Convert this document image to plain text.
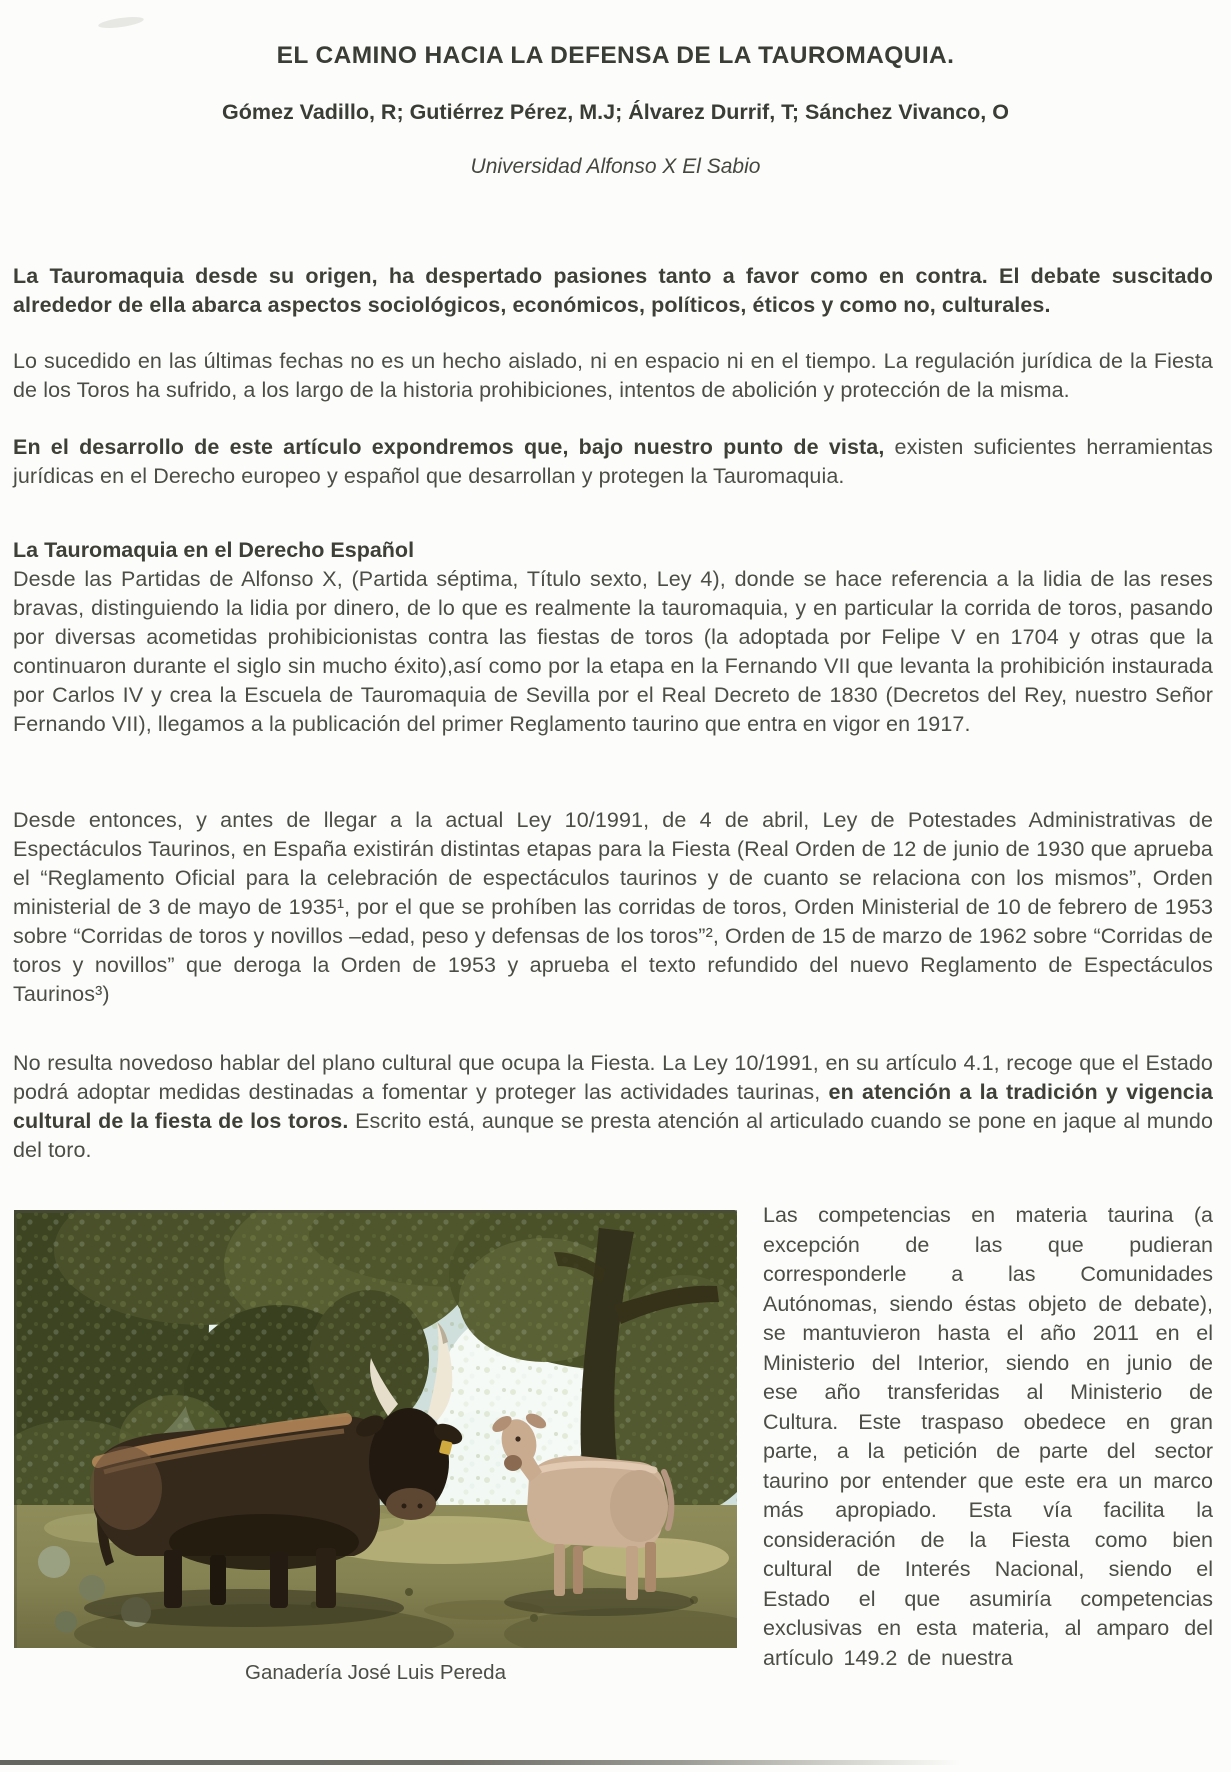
EL CAMINO HACIA LA DEFENSA DE LA TAUROMAQUIA.
Gómez Vadillo, R; Gutiérrez Pérez, M.J; Álvarez Durrif, T; Sánchez Vivanco, O
Universidad Alfonso X El Sabio

La Tauromaquia desde su origen, ha despertado pasiones tanto a favor como en contra. El debate suscitado alrededor de ella abarca aspectos sociológicos, económicos, políticos, éticos y como no, culturales.

Lo sucedido en las últimas fechas no es un hecho aislado, ni en espacio ni en el tiempo. La regulación jurídica de la Fiesta de los Toros ha sufrido, a los largo de la historia prohibiciones, intentos de abolición y protección de la misma.

En el desarrollo de este artículo expondremos que, bajo nuestro punto de vista, existen suficientes herramientas jurídicas en el Derecho europeo y español que desarrollan y protegen la Tauromaquia.

La Tauromaquia en el Derecho Español

Desde las Partidas de Alfonso X, (Partida séptima, Título sexto, Ley 4), donde se hace referencia a la lidia de las reses bravas, distinguiendo la lidia por dinero, de lo que es realmente la tauromaquia, y en particular la corrida de toros, pasando por diversas acometidas prohibicionistas contra las fiestas de toros (la adoptada por Felipe V en 1704 y otras que la continuaron durante el siglo sin mucho éxito),así como por la etapa en la Fernando VII que levanta la prohibición instaurada por Carlos IV y crea la Escuela de Tauromaquia de Sevilla por el Real Decreto de 1830 (Decretos del Rey, nuestro Señor Fernando VII), llegamos a la publicación del primer Reglamento taurino que entra en vigor en 1917.

Desde entonces, y antes de llegar a la actual Ley 10/1991, de 4 de abril, Ley de Potestades Administrativas de Espectáculos Taurinos, en España existirán distintas etapas para la Fiesta (Real Orden de 12 de junio de 1930 que aprueba el “Reglamento Oficial para la celebración de espectáculos taurinos y de cuanto se relaciona con los mismos”, Orden ministerial de 3 de mayo de 1935¹, por el que se prohíben las corridas de toros, Orden Ministerial de 10 de febrero de 1953 sobre “Corridas de toros y novillos –edad, peso y defensas de los toros”², Orden de 15 de marzo de 1962 sobre “Corridas de toros y novillos” que deroga la Orden de 1953 y aprueba el texto refundido del nuevo Reglamento de Espectáculos Taurinos³)

No resulta novedoso hablar del plano cultural que ocupa la Fiesta. La Ley 10/1991, en su artículo 4.1, recoge que el Estado podrá adoptar medidas destinadas a fomentar y proteger las actividades taurinas, en atención a la tradición y vigencia cultural de la fiesta de los toros. Escrito está, aunque se presta atención al articulado cuando se pone en jaque al mundo del toro.

Ganadería José Luis Pereda

Las competencias en materia taurina (a excepción de las que pudieran corresponderle a las Comunidades Autónomas, siendo éstas objeto de debate), se mantuvieron hasta el año 2011 en el Ministerio del Interior, siendo en junio de ese año transferidas al Ministerio de Cultura. Este traspaso obedece en gran parte, a la petición de parte del sector taurino por entender que este era un marco más apropiado. Esta vía facilita la consideración de la Fiesta como bien cultural de Interés Nacional, siendo el Estado el que asumiría competencias exclusivas en esta materia, al amparo del artículo 149.2 de nuestra
